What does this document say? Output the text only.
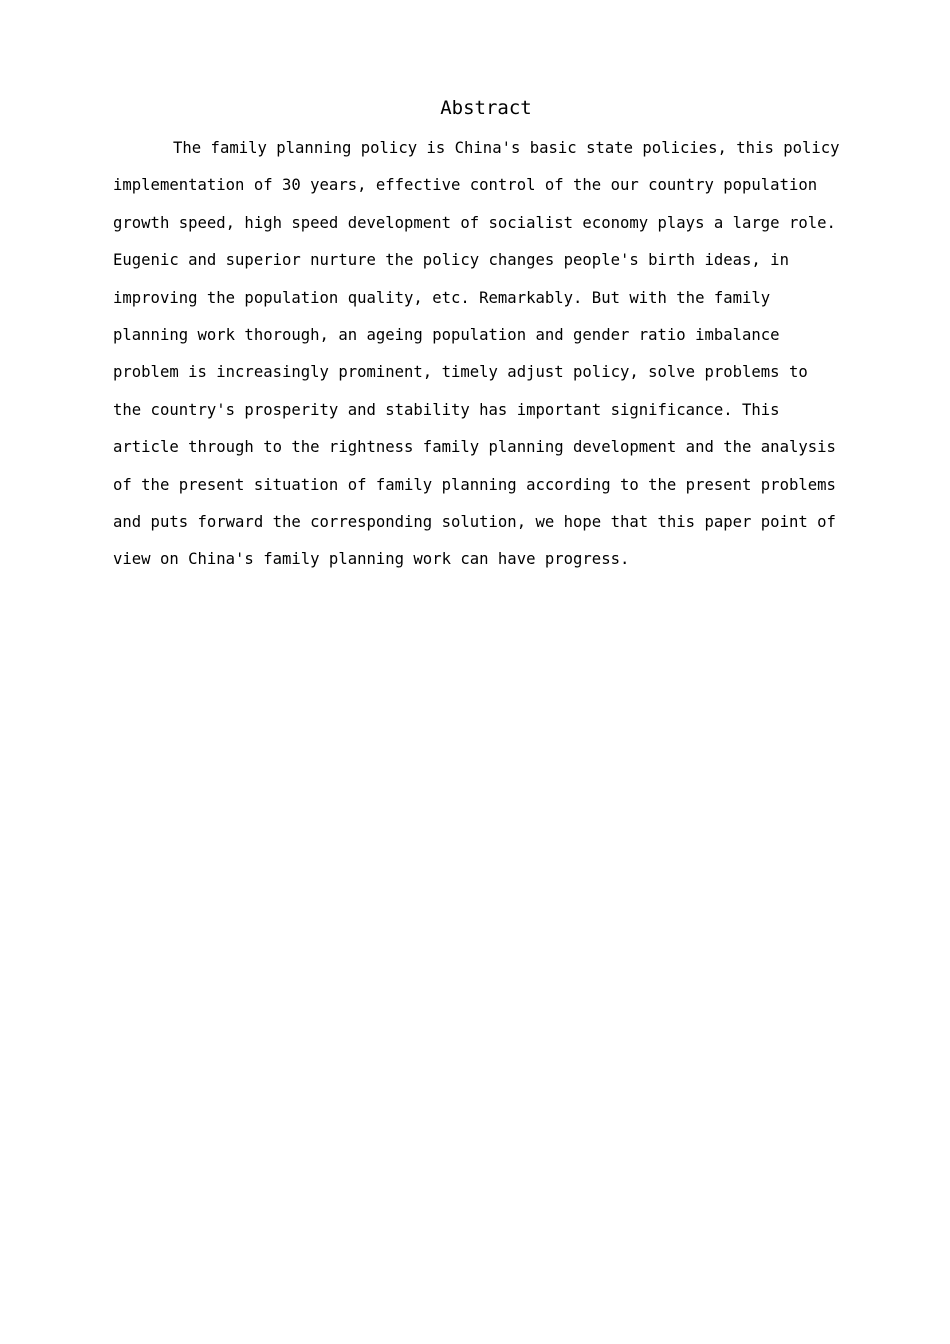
Abstract
The family planning policy is China's basic state policies, this policy
implementation of 30 years, effective control of the our country population
growth speed, high speed development of socialist economy plays a large role.
Eugenic and superior nurture the policy changes people's birth ideas, in
improving the population quality, etc. Remarkably. But with the family
planning work thorough, an ageing population and gender ratio imbalance
problem is increasingly prominent, timely adjust policy, solve problems to
the country's prosperity and stability has important significance. This
article through to the rightness family planning development and the analysis
of the present situation of family planning according to the present problems
and puts forward the corresponding solution, we hope that this paper point of
view on China's family planning work can have progress.
